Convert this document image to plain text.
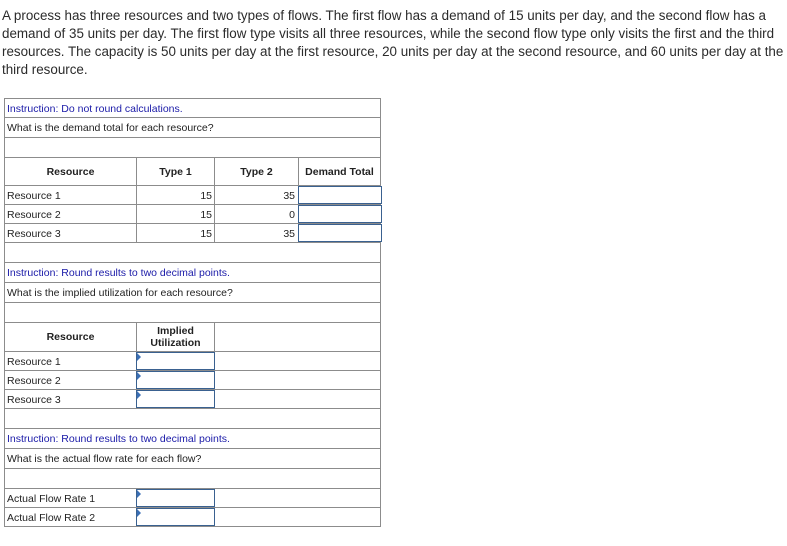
A process has three resources and two types of flows. The first flow has a demand of 15 units per day, and the second flow has a demand of 35 units per day. The first flow type visits all three resources, while the second flow type only visits the first and the third resources. The capacity is 50 units per day at the first resource, 20 units per day at the second resource, and 60 units per day at the third resource.
Instruction: Do not round calculations.
What is the demand total for each resource?
Resource	Type 1	Type 2	Demand Total
Resource 1	15	35
Resource 2	15	0
Resource 3	15	35
Instruction: Round results to two decimal points.
What is the implied utilization for each resource?
Resource	Implied Utilization
Resource 1
Resource 2
Resource 3
Instruction: Round results to two decimal points.
What is the actual flow rate for each flow?
Actual Flow Rate 1
Actual Flow Rate 2
